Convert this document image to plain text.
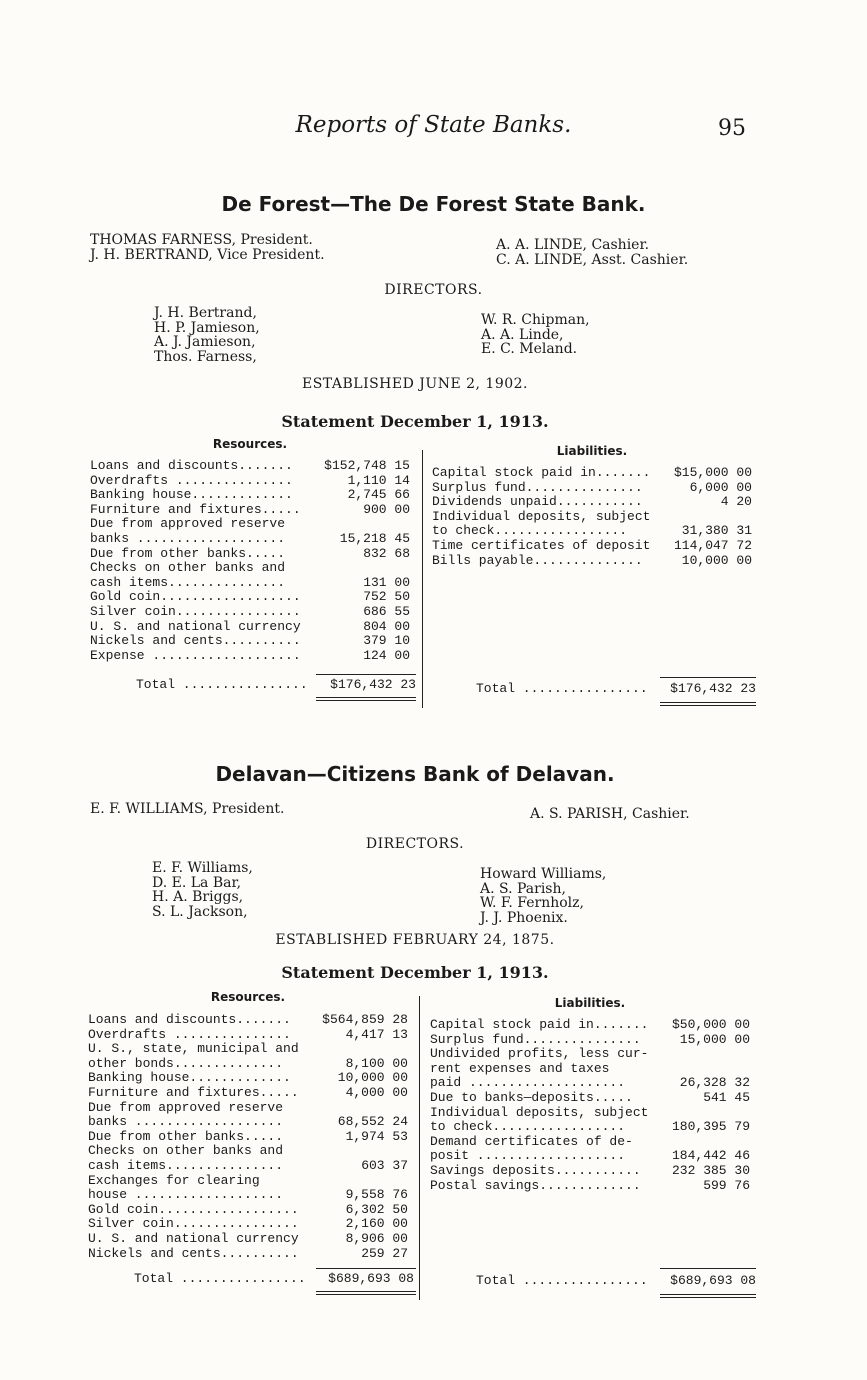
Reports of State Banks.	95
De Forest—The De Forest State Bank.
THOMAS FARNESS, President.
J. H. BERTRAND, Vice President.
A. A. LINDE, Cashier.
C. A. LINDE, Asst. Cashier.
DIRECTORS.
J. H. Bertrand,
H. P. Jamieson,
A. J. Jamieson,
Thos. Farness,
W. R. Chipman,
A. A. Linde,
E. C. Meland.
ESTABLISHED JUNE 2, 1902.
Statement December 1, 1913.
Resources.	Liabilities.
Loans and discounts.......	$152,748 15
Overdrafts ...............	1,110 14
Banking house.............	2,745 66
Furniture and fixtures.....	900 00
Due from approved reserve
banks ...................	15,218 45
Due from other banks.....	832 68
Checks on other banks and
cash items...............	131 00
Gold coin..................	752 50
Silver coin................	686 55
U. S. and national currency	804 00
Nickels and cents..........	379 10
Expense ...................	124 00
Capital stock paid in.......	$15,000 00
Surplus fund...............	6,000 00
Dividends unpaid...........	4 20
Individual deposits, subject
to check.................	31,380 31
Time certificates of deposit	114,047 72
Bills payable..............	10,000 00
Total ................	$176,432 23	Total ................	$176,432 23
Delavan—Citizens Bank of Delavan.
E. F. WILLIAMS, President.	A. S. PARISH, Cashier.
DIRECTORS.
E. F. Williams,
D. E. La Bar,
H. A. Briggs,
S. L. Jackson,
Howard Williams,
A. S. Parish,
W. F. Fernholz,
J. J. Phoenix.
ESTABLISHED FEBRUARY 24, 1875.
Statement December 1, 1913.
Resources.	Liabilities.
Loans and discounts.......	$564,859 28
Overdrafts ...............	4,417 13
U. S., state, municipal and
other bonds..............	8,100 00
Banking house.............	10,000 00
Furniture and fixtures.....	4,000 00
Due from approved reserve
banks ...................	68,552 24
Due from other banks.....	1,974 53
Checks on other banks and
cash items...............	603 37
Exchanges for clearing
house ...................	9,558 76
Gold coin..................	6,302 50
Silver coin................	2,160 00
U. S. and national currency	8,906 00
Nickels and cents..........	259 27
Capital stock paid in.......	$50,000 00
Surplus fund...............	15,000 00
Undivided profits, less cur-
rent expenses and taxes
paid ....................	26,328 32
Due to banks—deposits.....	541 45
Individual deposits, subject
to check.................	180,395 79
Demand certificates of de-
posit ...................	184,442 46
Savings deposits...........	232 385 30
Postal savings.............	599 76
Total ................	$689,693 08	Total ................	$689,693 08
